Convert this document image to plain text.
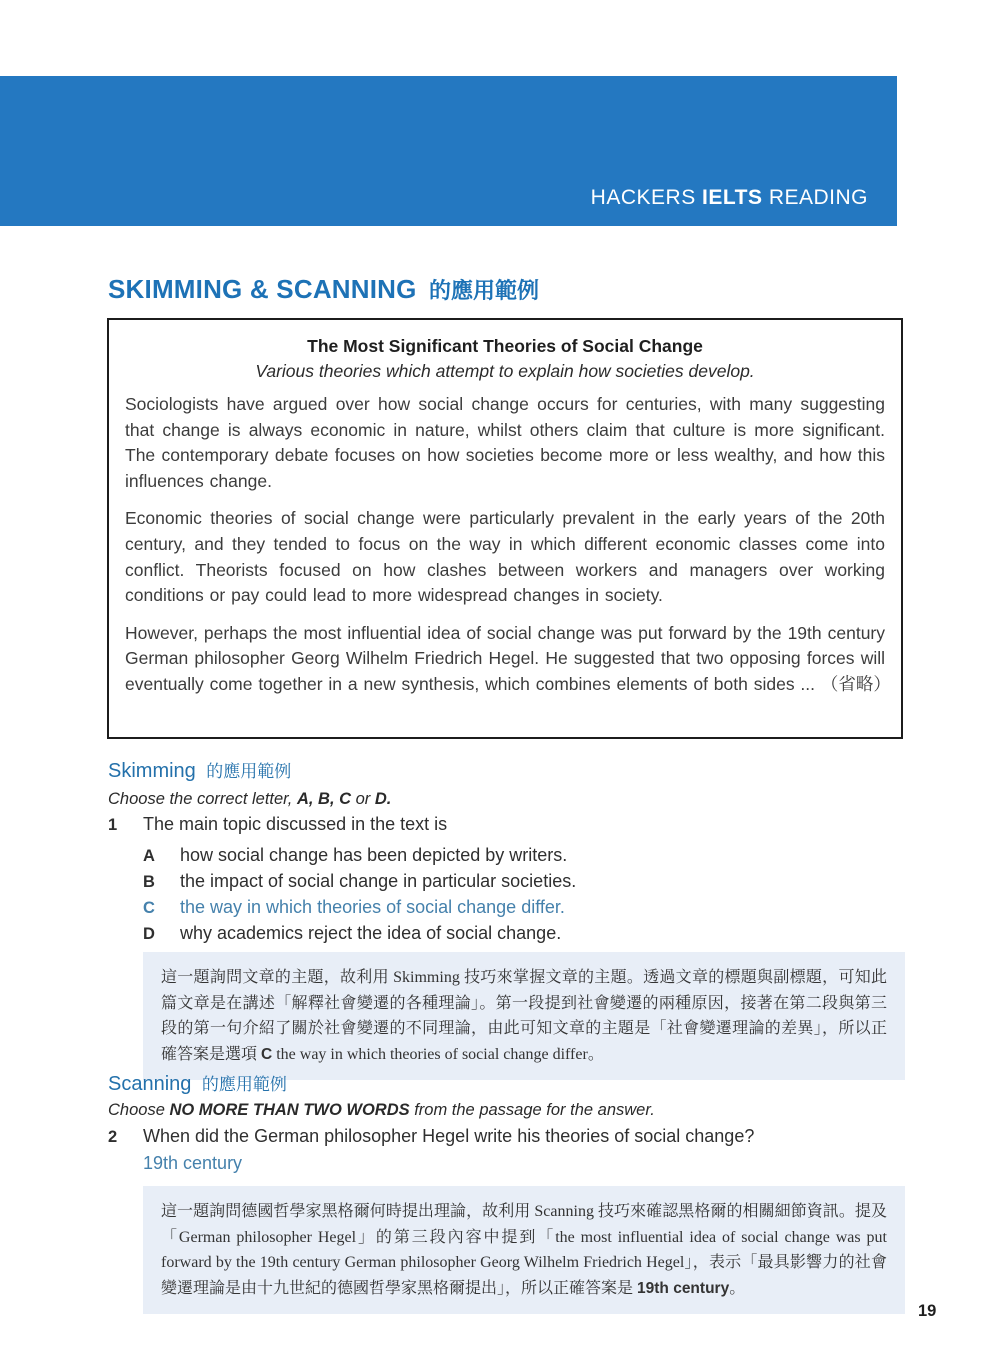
HACKERS IELTS READING
SKIMMING & SCANNING 的應用範例
The Most Significant Theories of Social Change
Various theories which attempt to explain how societies develop.

Sociologists have argued over how social change occurs for centuries, with many suggesting that change is always economic in nature, whilst others claim that culture is more significant. The contemporary debate focuses on how societies become more or less wealthy, and how this influences change.

Economic theories of social change were particularly prevalent in the early years of the 20th century, and they tended to focus on the way in which different economic classes come into conflict. Theorists focused on how clashes between workers and managers over working conditions or pay could lead to more widespread changes in society.

However, perhaps the most influential idea of social change was put forward by the 19th century German philosopher Georg Wilhelm Friedrich Hegel. He suggested that two opposing forces will eventually come together in a new synthesis, which combines elements of both sides ... （省略）

Skimming 的應用範例
Choose the correct letter, A, B, C or D.
1 The main topic discussed in the text is
A how social change has been depicted by writers.
B the impact of social change in particular societies.
C the way in which theories of social change differ.
D why academics reject the idea of social change.
這一題詢問文章的主題，故利用 Skimming 技巧來掌握文章的主題。透過文章的標題與副標題，可知此篇文章是在講述「解釋社會變遷的各種理論」。第一段提到社會變遷的兩種原因，接著在第二段與第三段的第一句介紹了關於社會變遷的不同理論，由此可知文章的主題是「社會變遷理論的差異」，所以正確答案是選項 C the way in which theories of social change differ。
Scanning 的應用範例
Choose NO MORE THAN TWO WORDS from the passage for the answer.
2 When did the German philosopher Hegel write his theories of social change?
19th century
這一題詢問德國哲學家黑格爾何時提出理論，故利用 Scanning 技巧來確認黑格爾的相關細節資訊。提及「German philosopher Hegel」的第三段內容中提到「the most influential idea of social change was put forward by the 19th century German philosopher Georg Wilhelm Friedrich Hegel」，表示「最具影響力的社會變遷理論是由十九世紀的德國哲學家黑格爾提出」，所以正確答案是 19th century。
19
